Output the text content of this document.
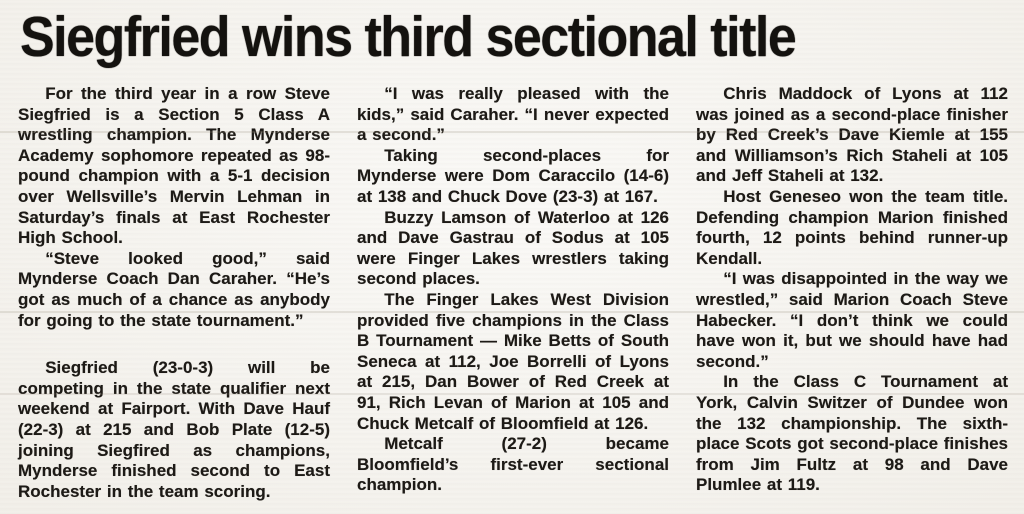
Siegfried wins third sectional title

For the third year in a row Steve Siegfried is a Section 5 Class A wrestling champion. The Mynderse Academy sophomore repeated as 98-pound champion with a 5-1 decision over Wellsville’s Mervin Lehman in Saturday’s finals at East Rochester High School.

“Steve looked good,” said Mynderse Coach Dan Caraher. “He’s got as much of a chance as anybody for going to the state tournament.”

Siegfried (23-0-3) will be competing in the state qualifier next weekend at Fairport. With Dave Hauf (22-3) at 215 and Bob Plate (12-5) joining Siegfired as champions, Mynderse finished second to East Rochester in the team scoring.

“I was really pleased with the kids,” said Caraher. “I never expected a second.”

Taking second-places for Mynderse were Dom Caraccilo (14-6) at 138 and Chuck Dove (23-3) at 167.

Buzzy Lamson of Waterloo at 126 and Dave Gastrau of Sodus at 105 were Finger Lakes wrestlers taking second places.

The Finger Lakes West Division provided five champions in the Class B Tournament — Mike Betts of South Seneca at 112, Joe Borrelli of Lyons at 215, Dan Bower of Red Creek at 91, Rich Levan of Marion at 105 and Chuck Metcalf of Bloomfield at 126.

Metcalf (27-2) became Bloomfield’s first-ever sectional champion.

Chris Maddock of Lyons at 112 was joined as a second-place finisher by Red Creek’s Dave Kiemle at 155 and Williamson’s Rich Staheli at 105 and Jeff Staheli at 132.

Host Geneseo won the team title. Defending champion Marion finished fourth, 12 points behind runner-up Kendall.

“I was disappointed in the way we wrestled,” said Marion Coach Steve Habecker. “I don’t think we could have won it, but we should have had second.”

In the Class C Tournament at York, Calvin Switzer of Dundee won the 132 championship. The sixth-place Scots got second-place finishes from Jim Fultz at 98 and Dave Plumlee at 119.
